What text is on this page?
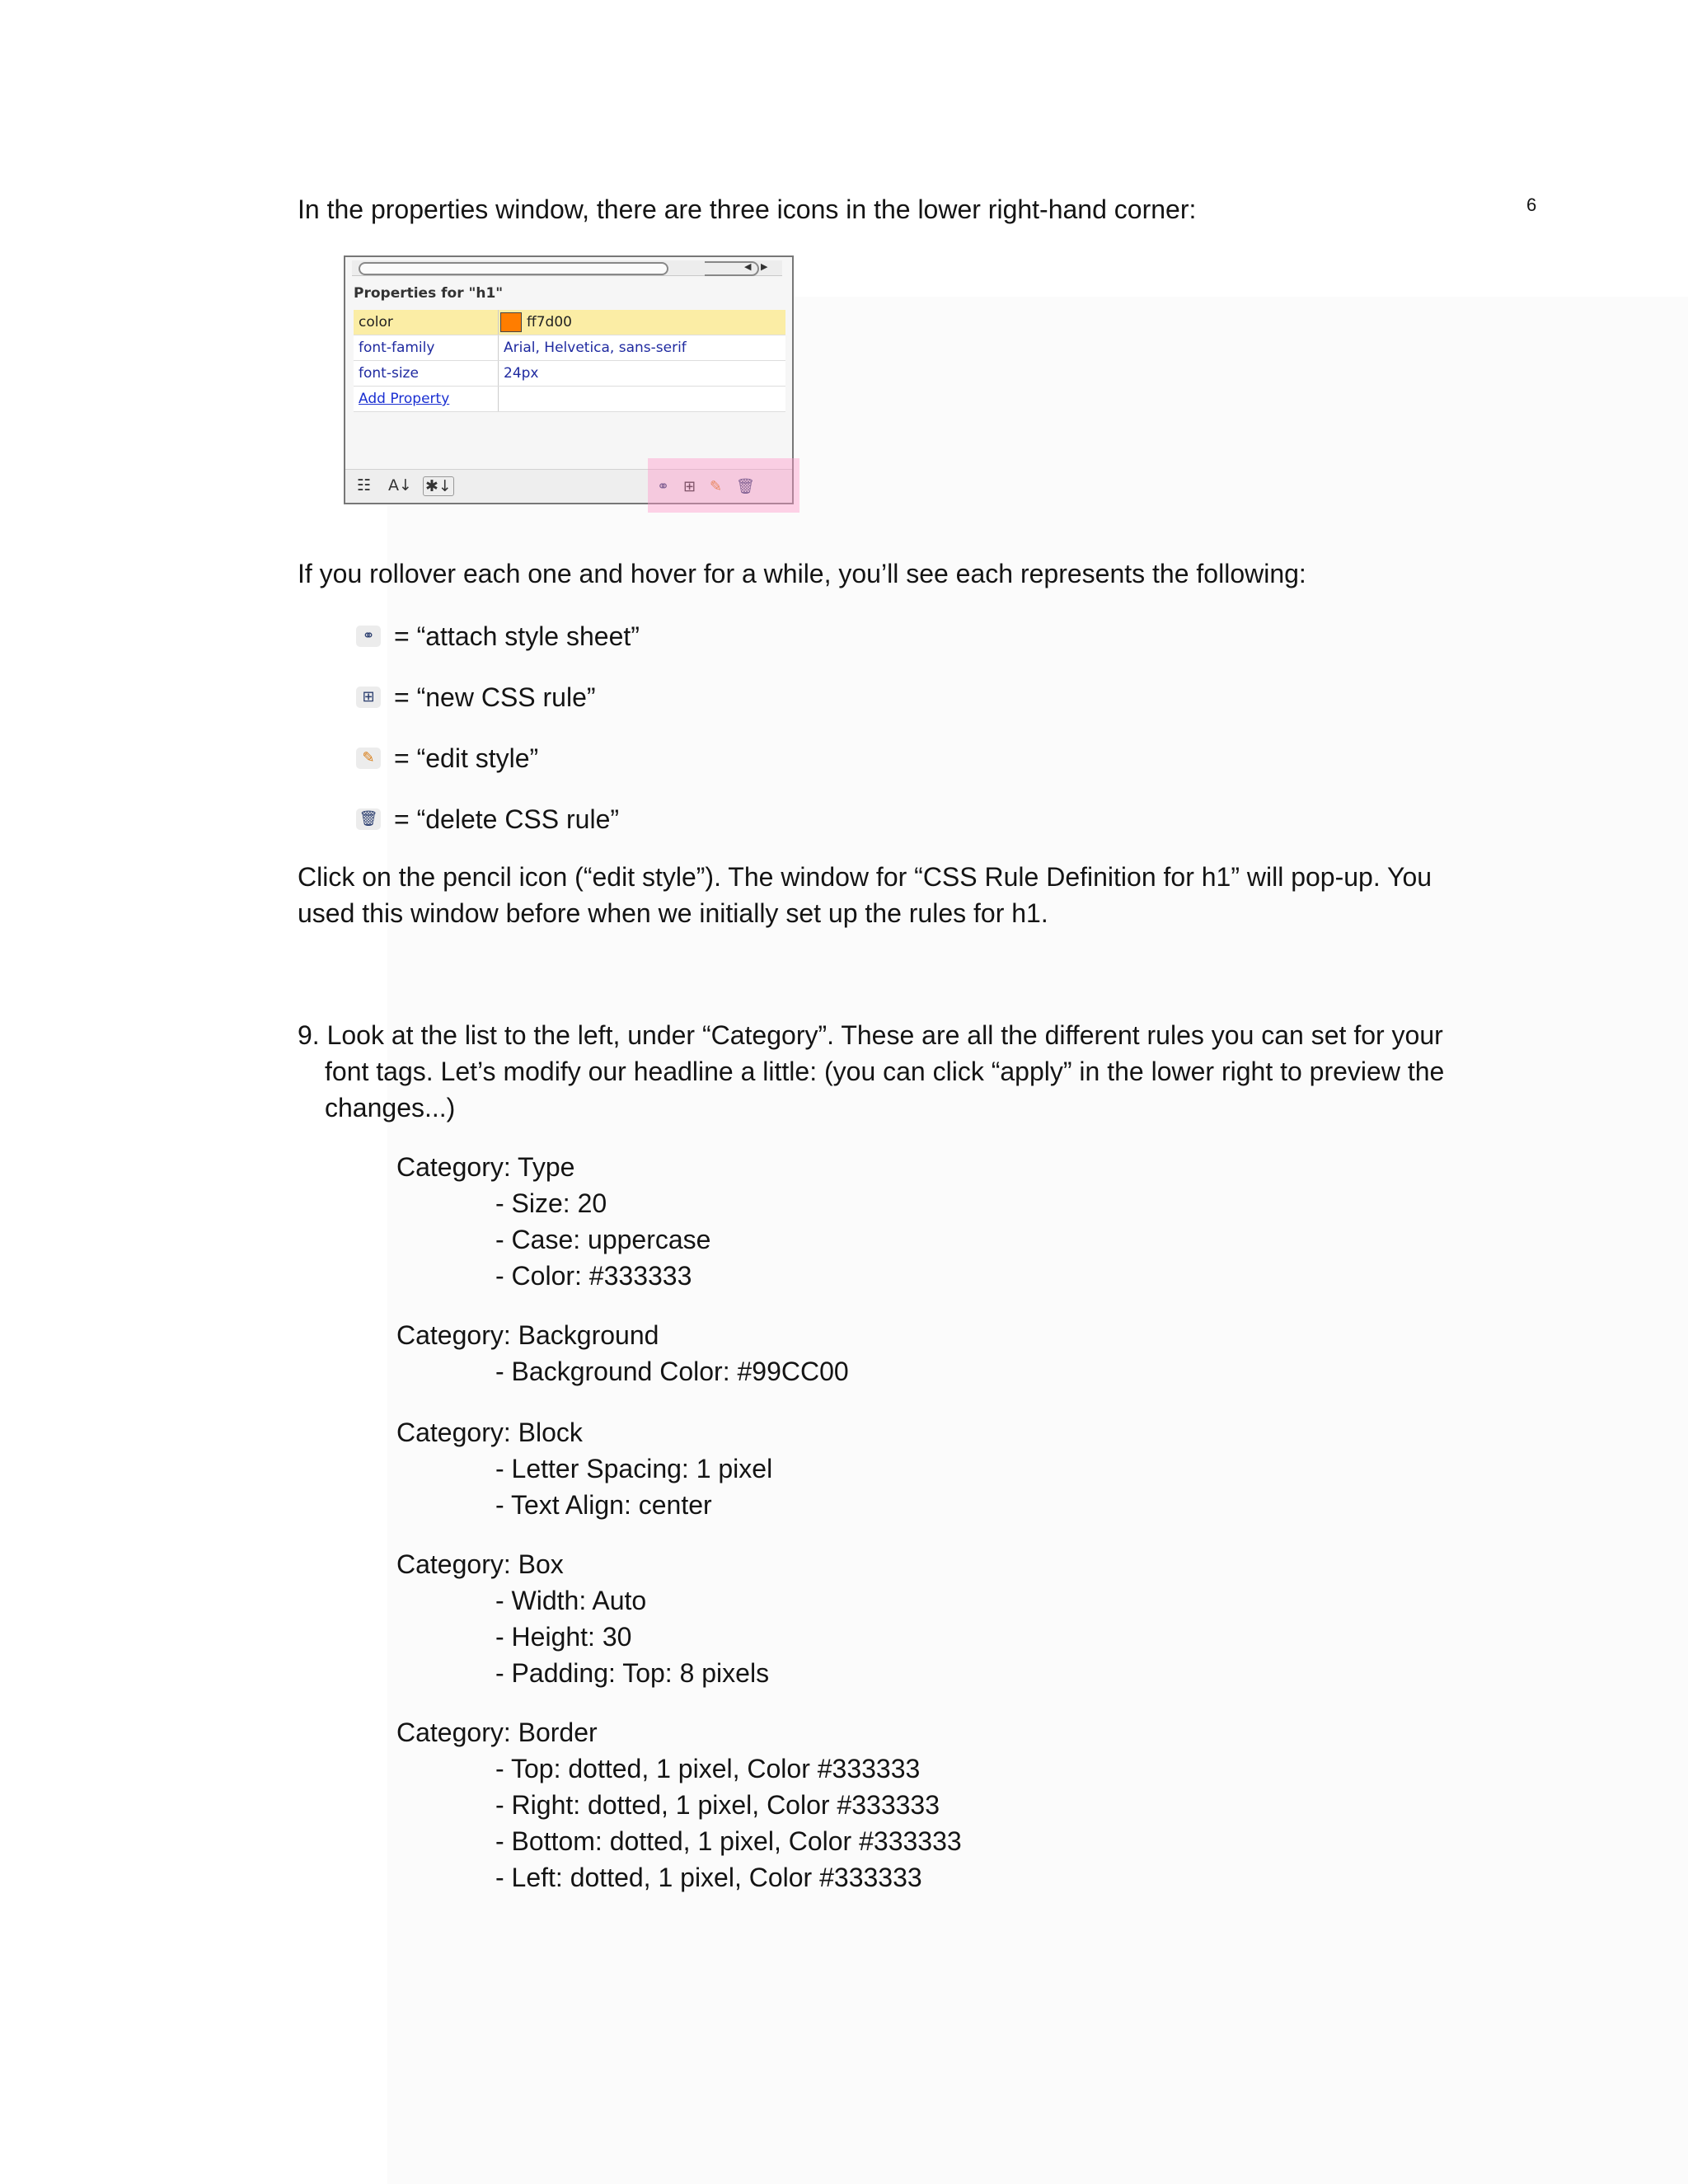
In the properties window, there are three icons in the lower right-hand corner:	6
◀ ▶
Properties for "h1"
color	ff7d00
font-family	Arial, Helvetica, sans-serif
font-size	24px
Add Property	
☷ A↓ ✱↓	⚭ ⊞ ✎ 🗑
If you rollover each one and hover for a while, you’ll see each represents the following:
⚭ = “attach style sheet”
⊞ = “new CSS rule”
✎ = “edit style”
🗑 = “delete CSS rule”
Click on the pencil icon (“edit style”). The window for “CSS Rule Definition for h1” will pop-up. You
used this window before when we initially set up the rules for h1.
9. Look at the list to the left, under “Category”. These are all the different rules you can set for your
font tags. Let’s modify our headline a little: (you can click “apply” in the lower right to preview the
changes...)
Category: Type
- Size: 20
- Case: uppercase
- Color: #333333
Category: Background
- Background Color: #99CC00
Category: Block
- Letter Spacing: 1 pixel
- Text Align: center
Category: Box
- Width: Auto
- Height: 30
- Padding: Top: 8 pixels
Category: Border
- Top: dotted, 1 pixel, Color #333333
- Right: dotted, 1 pixel, Color #333333
- Bottom: dotted, 1 pixel, Color #333333
- Left: dotted, 1 pixel, Color #333333
